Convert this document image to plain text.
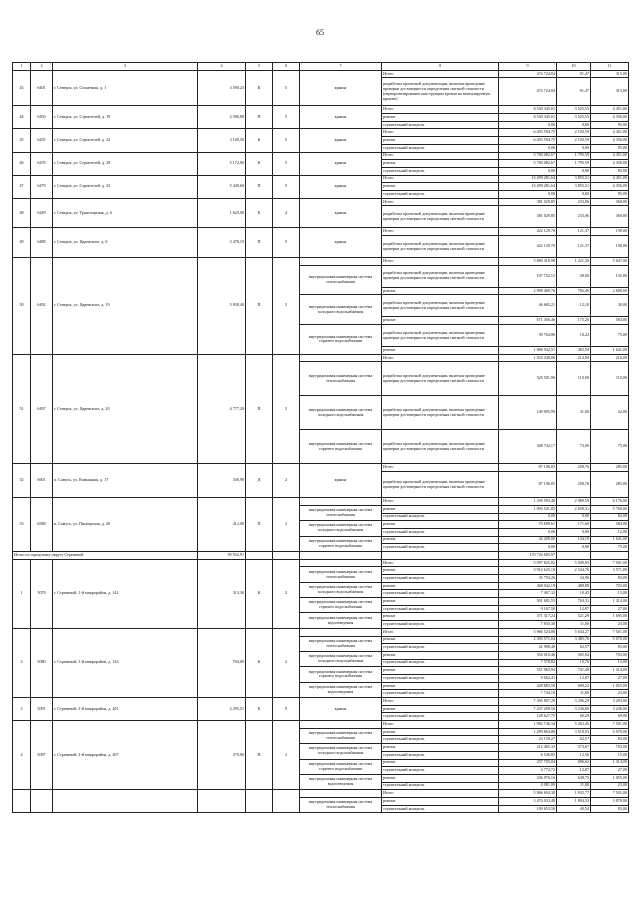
65
1	2	3	4	5	6	7	8	9	10	11
43	6401	г. Северск, ул. Солнечная, д. 1	3 590,23	К	5	крыша	Итого	474 724,84	91,47	315,00
							разработка проектной документации, включая проведение проверки достоверности определения сметной стоимости (перепроектирование конструкции кровли на вентилируемую кровлю)	474 724,84	91,47	315,00
44	6450	г. Северск, ул. Строителей, д. 19	2 506,80	П	5	крыша	Итого	8 530 345,01	3 525,55	4 451,00
							ремонт	8 530 345,01	3 525,55	4 356,00
							строительный контроль	0,00	0,00	95,00
45	6455	г. Северск, ул. Строителей, д. 22	3 100,50	К	5	крыша	Итого	6 403 594,75	2 194,59	4 451,00
							ремонт	6 403 594,75	2 194,59	4 356,00
							строительный контроль	0,00	0,00	95,00
46	6476	г. Северск, ул. Строителей, д. 29	5 172,00	К	5	крыша	Итого	5 700 082,67	1 795,59	4 451,00
							ремонт	5 700 082,67	1 795,59	4 356,00
							строительный контроль	0,00	0,00	95,00
47	6479	г. Северск, ул. Строителей, д. 33	5 449,60	П	5	крыша	Итого	13 299 281,64	3 855,31	4 451,00
							ремонт	13 299 281,64	3 855,31	4 356,00
							строительный контроль	0,00	0,00	95,00
48	6449	г. Северск, ул. Транспортная, д. 6	1 625,00	К	4	крыша	Итого	381 029,85	233,06	360,00
							разработка проектной документации, включая проведение проверки достоверности определения сметной стоимости	381 029,85	233,06	360,00
49	6488	г. Северск, ул. Царевского, д. 6	3 478,10	П	5	крыша	Итого	422 129,70	121,37	190,00
							разработка проектной документации, включая проведение проверки достоверности определения сметной стоимости	422 129,70	121,37	190,00
50	6492	г. Северск, ул. Царевского, д. 19	5 838,40	П	5		Итого	5 880 318,98	1 221,30	5 647,00
						внутридомовая инженерная система теплоснабжения	разработка проектной документации, включая проведение проверки достоверности определения сметной стоимости	107 752,15	49,00	135,00
							ремонт	2 998 469,76	782,40	2 608,00
						внутридомовая инженерная система холодного водоснабжения	разработка проектной документации, включая проведение проверки достоверности определения сметной стоимости	46 665,21	12,18	30,00
							ремонт	671 456,46	175,20	584,00
						внутридомовая инженерная система горячего водоснабжения	разработка проектной документации, включая проведение проверки достоверности определения сметной стоимости	39 764,86	10,22	75,00
							ремонт	1 886 932,51	492,50	1 641,00
51	6497	г. Северск, ул. Царевского, д. 20	4 777,29	П	5		Итого	1 023 340,06	214,00	216,00
						внутридомовая инженерная система теплоснабжения	разработка проектной документации, включая проведение проверки достоверности определения сметной стоимости	525 501,90	110,00	110,00
						внутридомовая инженерная система холодного водоснабжения	разработка проектной документации, включая проведение проверки достоверности определения сметной стоимости	149 095,99	31,00	32,00
						внутридомовая инженерная система горячего водоснабжения	разработка проектной документации, включая проведение проверки достоверности определения сметной стоимости	348 742,17	73,00	75,00
52	6601	п. Самусь, ул. Камышная, д. 17	336,90	Д	2	крыша	Итого	87 196,05	258,76	285,00
							разработка проектной документации, включая проведение проверки достоверности определения сметной стоимости	87 196,05	258,76	285,00
53	6588	п. Самусь, ул. Пионерская, д. 20	412,00	П	2		Итого	1 339 593,48	2 980,59	6 176,00
						внутридомовая инженерная система теплоснабжения	ремонт	1 093 541,85	2 658,31	5 769,00
							строительный контроль	0,00	0,00	82,00
						внутридомовая инженерная система холодного водоснабжения	ремонт	70 699,61	171,60	584,00
							строительный контроль	0,00	0,00	12,00
						внутридомовая инженерная система горячего водоснабжения	ремонт	42 209,00	134,19	1 641,00
							строительный контроль	0,00	0,00	75,00
Итого по городскому округу Стрежевой			95 932,91					170 726 685,97		
1	5079	г. Стрежевой, 1-й микрорайон, д. 142	313,30	К	2		Итого	5 097 825,82	5 949,05	7 501,00
						внутридомовая инженерная система теплоснабжения	ремонт	3 912 625,10	2 544,76	3 571,00
							строительный контроль	35 793,26	34,96	83,00
						внутридомовая инженерная система холодного водоснабжения	ремонт	368 942,19	489,88	703,00
							строительный контроль	7 467,32	10,45	15,00
						внутридомовая инженерная система горячего водоснабжения	ремонт	501 681,53	704,31	1 314,00
							строительный контроль	9 167,50	12,87	27,00
						внутридомовая инженерная система водоотведения	ремонт	371 317,24	521,29	1 695,00
							строительный контроль	7 833,30	11,00	23,00
2	5080	г. Стрежевой, 1-й микрорайон, д. 143	704,00	К	2		Итого	5 966 524,80	5 634,27	7 501,00
						внутридомовая инженерная система теплоснабжения	ремонт	2 393 571,04	3 485,76	5 070,00
							строительный контроль	41 908,48	62,57	83,00
						внутридомовая инженерная система холодного водоснабжения	ремонт	354 010,46	505,84	703,00
							строительный контроль	7 578,82	10,76	15,00
						внутридомовая инженерная система горячего водоснабжения	ремонт	551 963,94	741,48	1 314,00
							строительный контроль	9 062,41	12,87	27,00
						внутридомовая инженерная система водоотведения	ремонт	428 883,58	609,22	1 055,00
							строительный контроль	7 744,10	11,00	23,00
3	5091	г. Стрежевой, 2-й микрорайон, д. 201	2 295,51	К	9	крыша	Итого	7 565 807,29	3 296,29	3 293,00
							ремонт	7 437 299,50	3 236,00	3 236,00
							строительный контроль	128 627,75	60,29	69,00
4	5097	г. Стрежевой, 2-й микрорайон, д. 207	370,00	П	2		Итого	1 982 746,34	5 263,45	7 501,00
						внутридомовая инженерная система теплоснабжения	ремонт	1 299 864,88	3 518,93	5 070,00
							строительный контроль	23 159,27	62,57	83,00
						внутридомовая инженерная система холодного водоснабжения	ремонт	212 465,33	573,67	703,00
							строительный контроль	6 546,85	12,56	15,00
						внутридомовая инженерная система горячего водоснабжения	ремонт	257 705,04	696,62	1 314,00
							строительный контроль	4 774,72	12,87	27,00
						внутридомовая инженерная система водоотведения	ремонт	236 976,16	638,75	1 055,00
							строительный контроль	4 081,09	11,00	23,00
							Итого	5 866 694,38	1 935,77	7 501,00
						внутридомовая инженерная система теплоснабжения	ремонт	3 474 033,48	1 894,33	3 870,00
							строительный контроль	109 653,56	40,54	83,00
